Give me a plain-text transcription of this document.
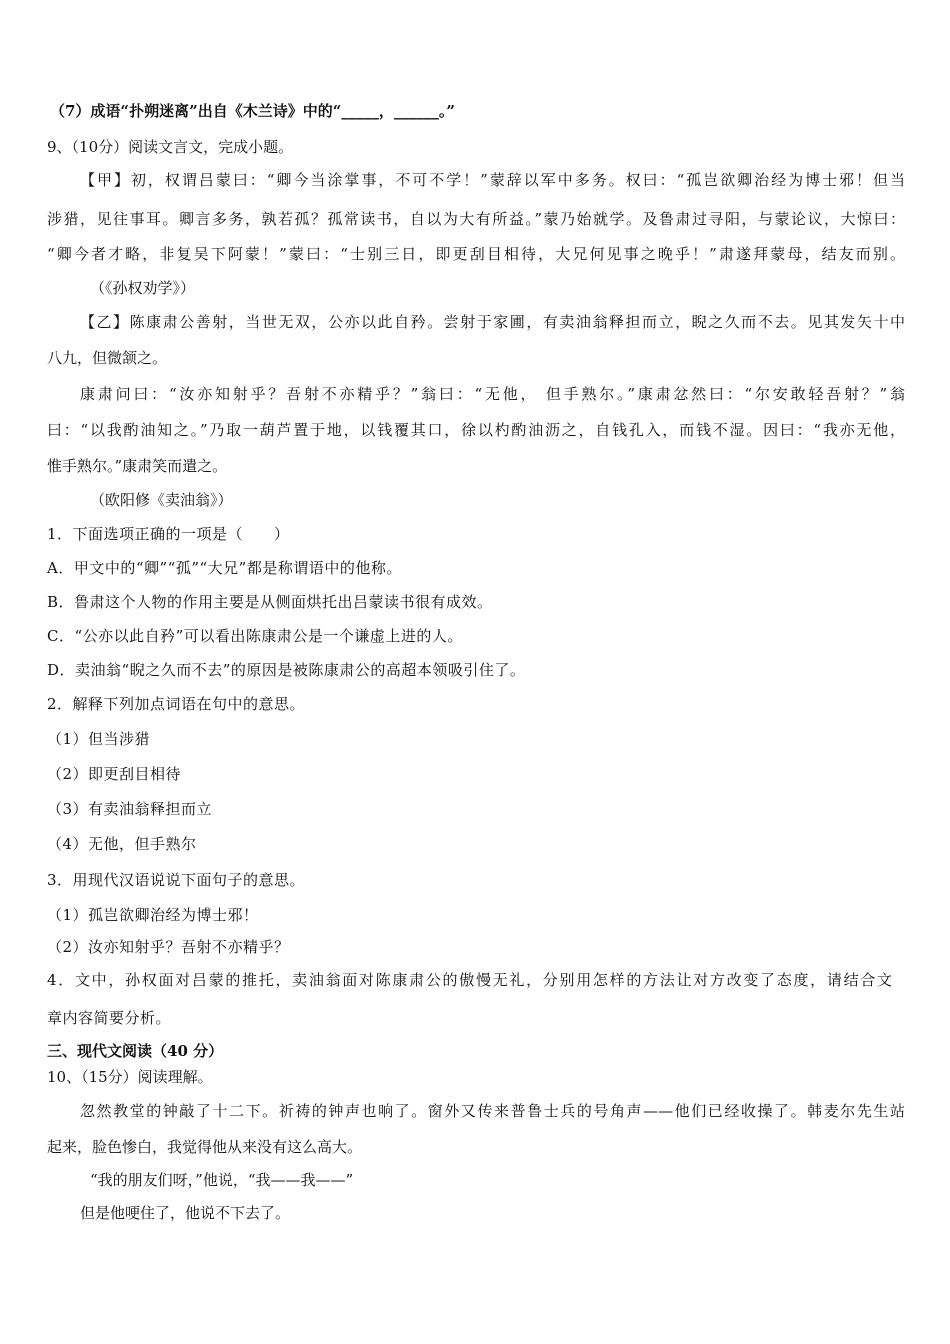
（7）成语“扑朔迷离”出自《木兰诗》中的“_____，______。”
9、（10分）阅读文言文，完成小题。
【甲】初，权谓吕蒙曰：“卿今当涂掌事，不可不学！”蒙辞以军中多务。权曰：“孤岂欲卿治经为博士邪！但当
涉猎，见往事耳。卿言多务，孰若孤？孤常读书，自以为大有所益。”蒙乃始就学。及鲁肃过寻阳，与蒙论议，大惊曰：
“卿今者才略，非复吴下阿蒙！”蒙曰：“士别三日，即更刮目相待，大兄何见事之晚乎！”肃遂拜蒙母，结友而别。
（《孙权劝学》）
【乙】陈康肃公善射，当世无双，公亦以此自矜。尝射于家圃，有卖油翁释担而立，睨之久而不去。见其发矢十中
八九，但微颔之。
康肃问曰：“汝亦知射乎？吾射不亦精乎？”翁曰：“无他， 但手熟尔。”康肃忿然曰：“尔安敢轻吾射？”翁
曰：“以我酌油知之。”乃取一葫芦置于地，以钱覆其口，徐以杓酌油沥之，自钱孔入，而钱不湿。因曰：“我亦无他，
惟手熟尔。”康肃笑而遣之。
（欧阳修《卖油翁》）
1．下面选项正确的一项是（　　）
A．甲文中的“卿”“孤”“大兄”都是称谓语中的他称。
B．鲁肃这个人物的作用主要是从侧面烘托出吕蒙读书很有成效。
C．“公亦以此自矜”可以看出陈康肃公是一个谦虚上进的人。
D．卖油翁“睨之久而不去”的原因是被陈康肃公的高超本领吸引住了。
2．解释下列加点词语在句中的意思。
（1）但当涉猎
（2）即更刮目相待
（3）有卖油翁释担而立
（4）无他，但手熟尔
3．用现代汉语说说下面句子的意思。
（1）孤岂欲卿治经为博士邪！
（2）汝亦知射乎？吾射不亦精乎？
4．文中，孙权面对吕蒙的推托，卖油翁面对陈康肃公的傲慢无礼，分别用怎样的方法让对方改变了态度，请结合文
章内容简要分析。
三、现代文阅读（40 分）
10、（15分）阅读理解。
忽然教堂的钟敲了十二下。祈祷的钟声也响了。窗外又传来普鲁士兵的号角声——他们已经收操了。韩麦尔先生站
起来，脸色惨白，我觉得他从来没有这么高大。
“我的朋友们呀，”他说，“我——我——”
但是他哽住了，他说不下去了。
